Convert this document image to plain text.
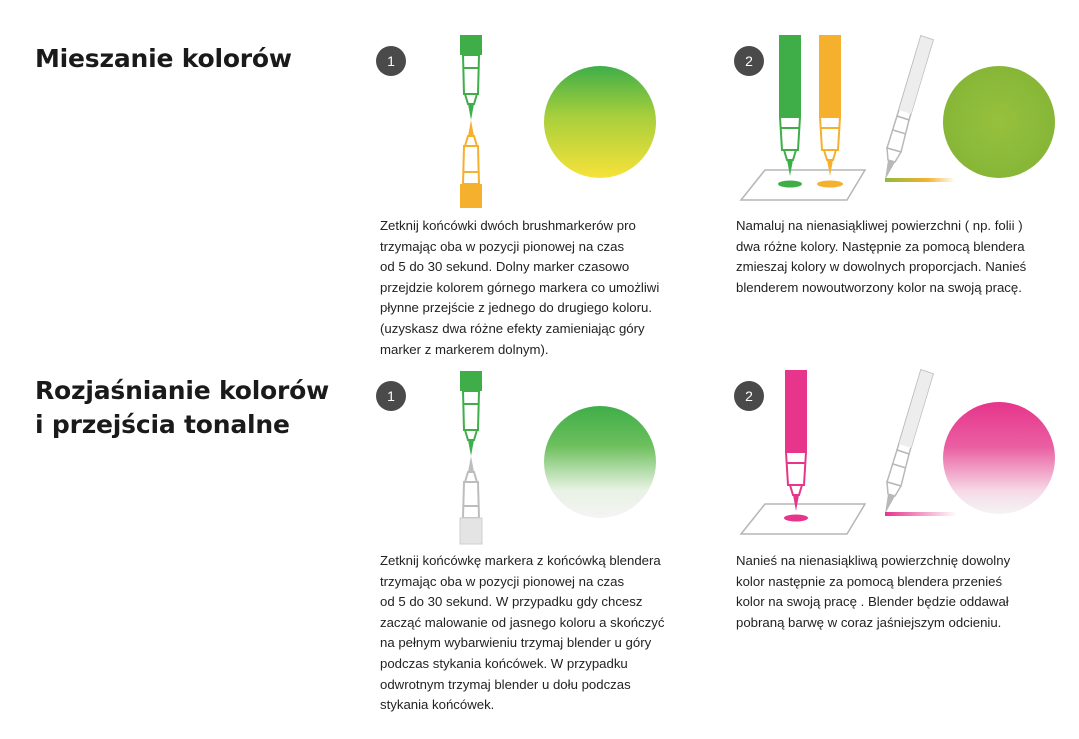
Mieszanie kolorów	1
Zetknij końcówki dwóch brushmarkerów pro
trzymając oba w pozycji pionowej na czas
od 5 do 30 sekund. Dolny marker czasowo
przejdzie kolorem górnego markera co umożliwi
płynne przejście z jednego do drugiego koloru.
(uzyskasz dwa różne efekty zamieniając góry
marker z markerem dolnym).
2
Namaluj na nienasiąkliwej powierzchni ( np. folii )
dwa różne kolory. Następnie za pomocą blendera
zmieszaj kolory w dowolnych proporcjach. Nanieś
blenderem nowoutworzony kolor na swoją pracę.
Rozjaśnianie kolorów
i przejścia tonalne
1
Zetknij końcówkę markera z końcówką blendera
trzymając oba w pozycji pionowej na czas
od 5 do 30 sekund. W przypadku gdy chcesz
zacząć malowanie od jasnego koloru a skończyć
na pełnym wybarwieniu trzymaj blender u góry
podczas stykania końcówek. W przypadku
odwrotnym trzymaj blender u dołu podczas
stykania końcówek.
2
Nanieś na nienasiąkliwą powierzchnię dowolny
kolor następnie za pomocą blendera przenieś
kolor na swoją pracę . Blender będzie oddawał
pobraną barwę w coraz jaśniejszym odcieniu.
